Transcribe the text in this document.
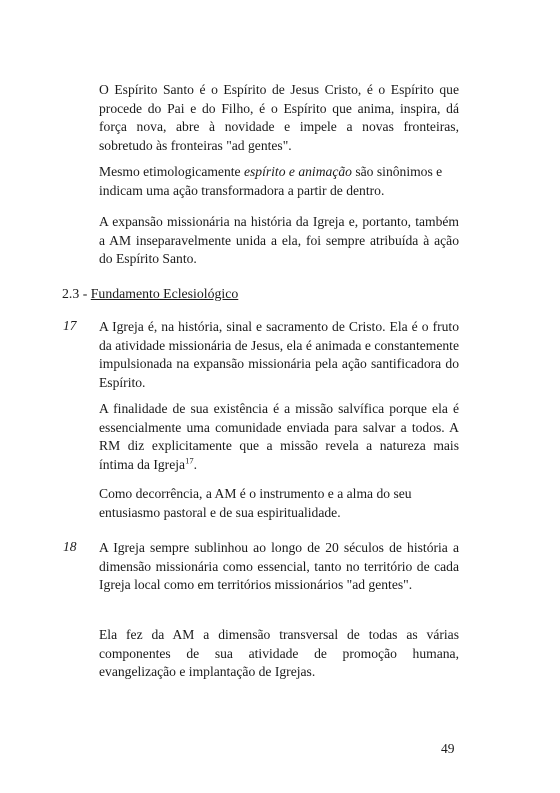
O Espírito Santo é o Espírito de Jesus Cristo, é o Espírito que procede do Pai e do Filho, é o Espírito que anima, inspira, dá força nova, abre à novidade e impele a novas fronteiras, sobretudo às fronteiras "ad gentes".

Mesmo etimologicamente espírito e animação são sinônimos e indicam uma ação transformadora a partir de dentro.

A expansão missionária na história da Igreja e, portanto, também a AM inseparavelmente unida a ela, foi sempre atribuída à ação do Espírito Santo.

2.3 - Fundamento Eclesiológico
17 A Igreja é, na história, sinal e sacramento de Cristo. Ela é o fruto da atividade missionária de Jesus, ela é animada e constantemente impulsionada na expansão missionária pela ação santificadora do Espírito.

A finalidade de sua existência é a missão salvífica porque ela é essencialmente uma comunidade enviada para salvar a todos. A RM diz explicitamente que a missão revela a natureza mais íntima da Igreja$^{17}$.

Como decorrência, a AM é o instrumento e a alma do seu entusiasmo pastoral e de sua espiritualidade.

18 A Igreja sempre sublinhou ao longo de 20 séculos de história a dimensão missionária como essencial, tanto no território de cada Igreja local como em territórios missionários "ad gentes".

Ela fez da AM a dimensão transversal de todas as várias componentes de sua atividade de promoção humana, evangelização e implantação de Igrejas.

49
